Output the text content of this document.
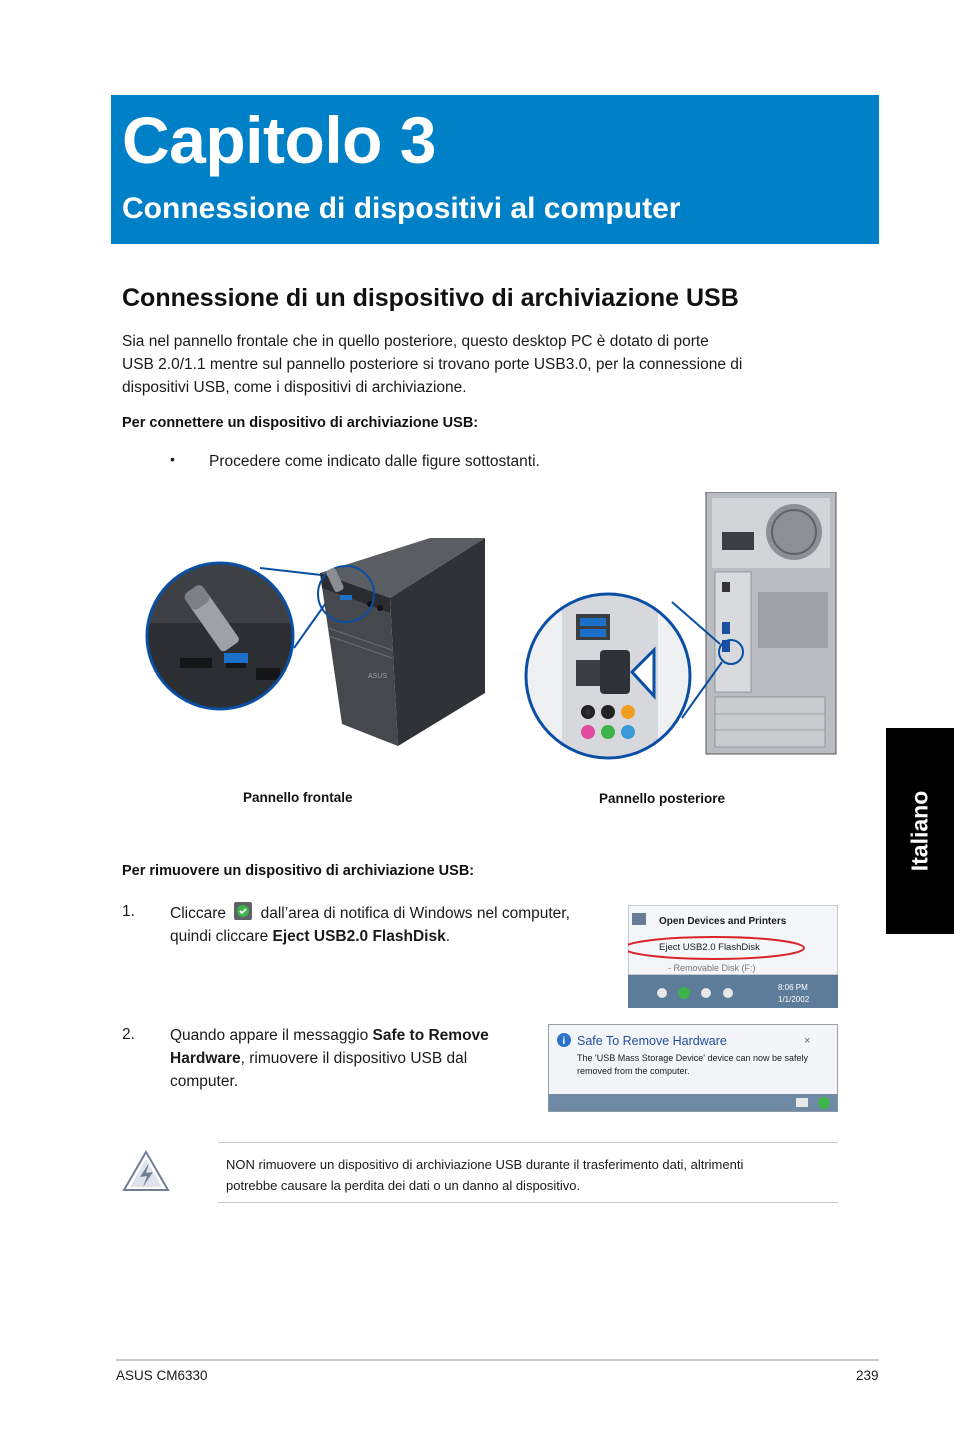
Capitolo 3
Connessione di dispositivi al computer
Connessione di un dispositivo di archiviazione USB
Sia nel pannello frontale che in quello posteriore, questo desktop PC è dotato di porte
USB 2.0/1.1 mentre sul pannello posteriore si trovano porte USB3.0, per la connessione di
dispositivi USB, come i dispositivi di archiviazione.
Per connettere un dispositivo di archiviazione USB:
• Procedere come indicato dalle figure sottostanti.
ASUS
Pannello frontale	Pannello posteriore	Italiano
Per rimuovere un dispositivo di archiviazione USB:
1. Cliccare dall’area di notifica di Windows nel computer,
quindi cliccare Eject USB2.0 FlashDisk.
Open Devices and Printers
Eject USB2.0 FlashDisk
- Removable Disk (F:)
8:06 PM
1/1/2002
2. Quando appare il messaggio Safe to Remove
Hardware, rimuovere il dispositivo USB dal
computer.
i Safe To Remove Hardware	×
The 'USB Mass Storage Device' device can now be safely
removed from the computer.
NON rimuovere un dispositivo di archiviazione USB durante il trasferimento dati, altrimenti
potrebbe causare la perdita dei dati o un danno al dispositivo.
ASUS CM6330	239
